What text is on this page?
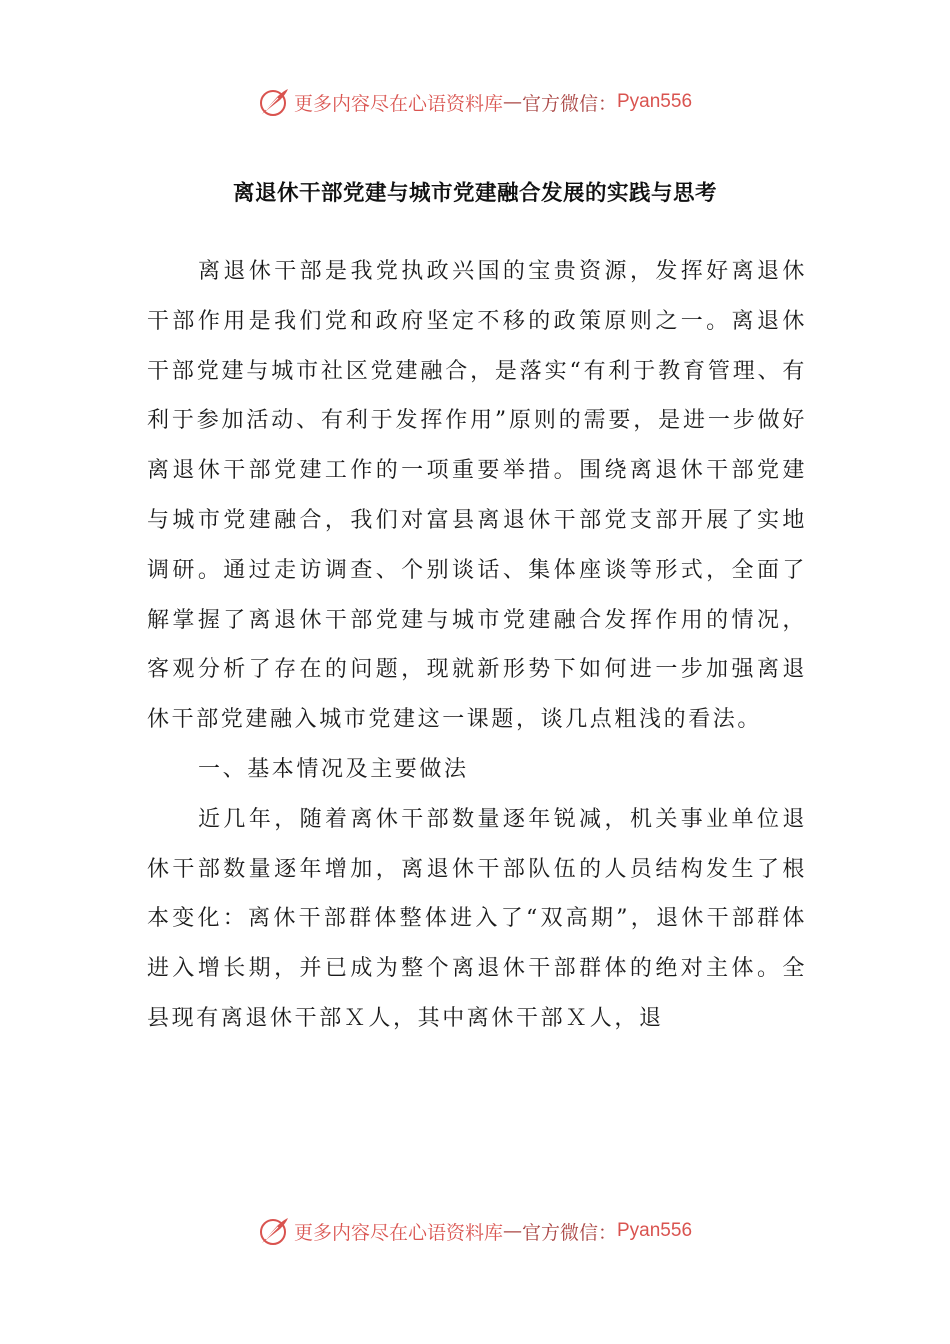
更多内容尽在心语资料库 — 官方微信： Pyan556
离退休干部党建与城市党建融合发展的实践与思考

离退休干部是我党执政兴国的宝贵资源，发挥好离退休干部作用是我们党和政府坚定不移的政策原则之一。离退休干部党建与城市社区党建融合，是落实“有利于教育管理、有利于参加活动、有利于发挥作用”原则的需要，是进一步做好离退休干部党建工作的一项重要举措。围绕离退休干部党建与城市党建融合，我们对富县离退休干部党支部开展了实地调研。通过走访调查、个别谈话、集体座谈等形式，全面了解掌握了离退休干部党建与城市党建融合发挥作用的情况，客观分析了存在的问题，现就新形势下如何进一步加强离退休干部党建融入城市党建这一课题，谈几点粗浅的看法。

一、基本情况及主要做法

近几年，随着离休干部数量逐年锐减，机关事业单位退休干部数量逐年增加，离退休干部队伍的人员结构发生了根本变化：离休干部群体整体进入了“双高期”，退休干部群体进入增长期，并已成为整个离退休干部群体的绝对主体。全县现有离退休干部Ｘ人，其中离休干部Ｘ人，退

更多内容尽在心语资料库 — 官方微信： Pyan556
